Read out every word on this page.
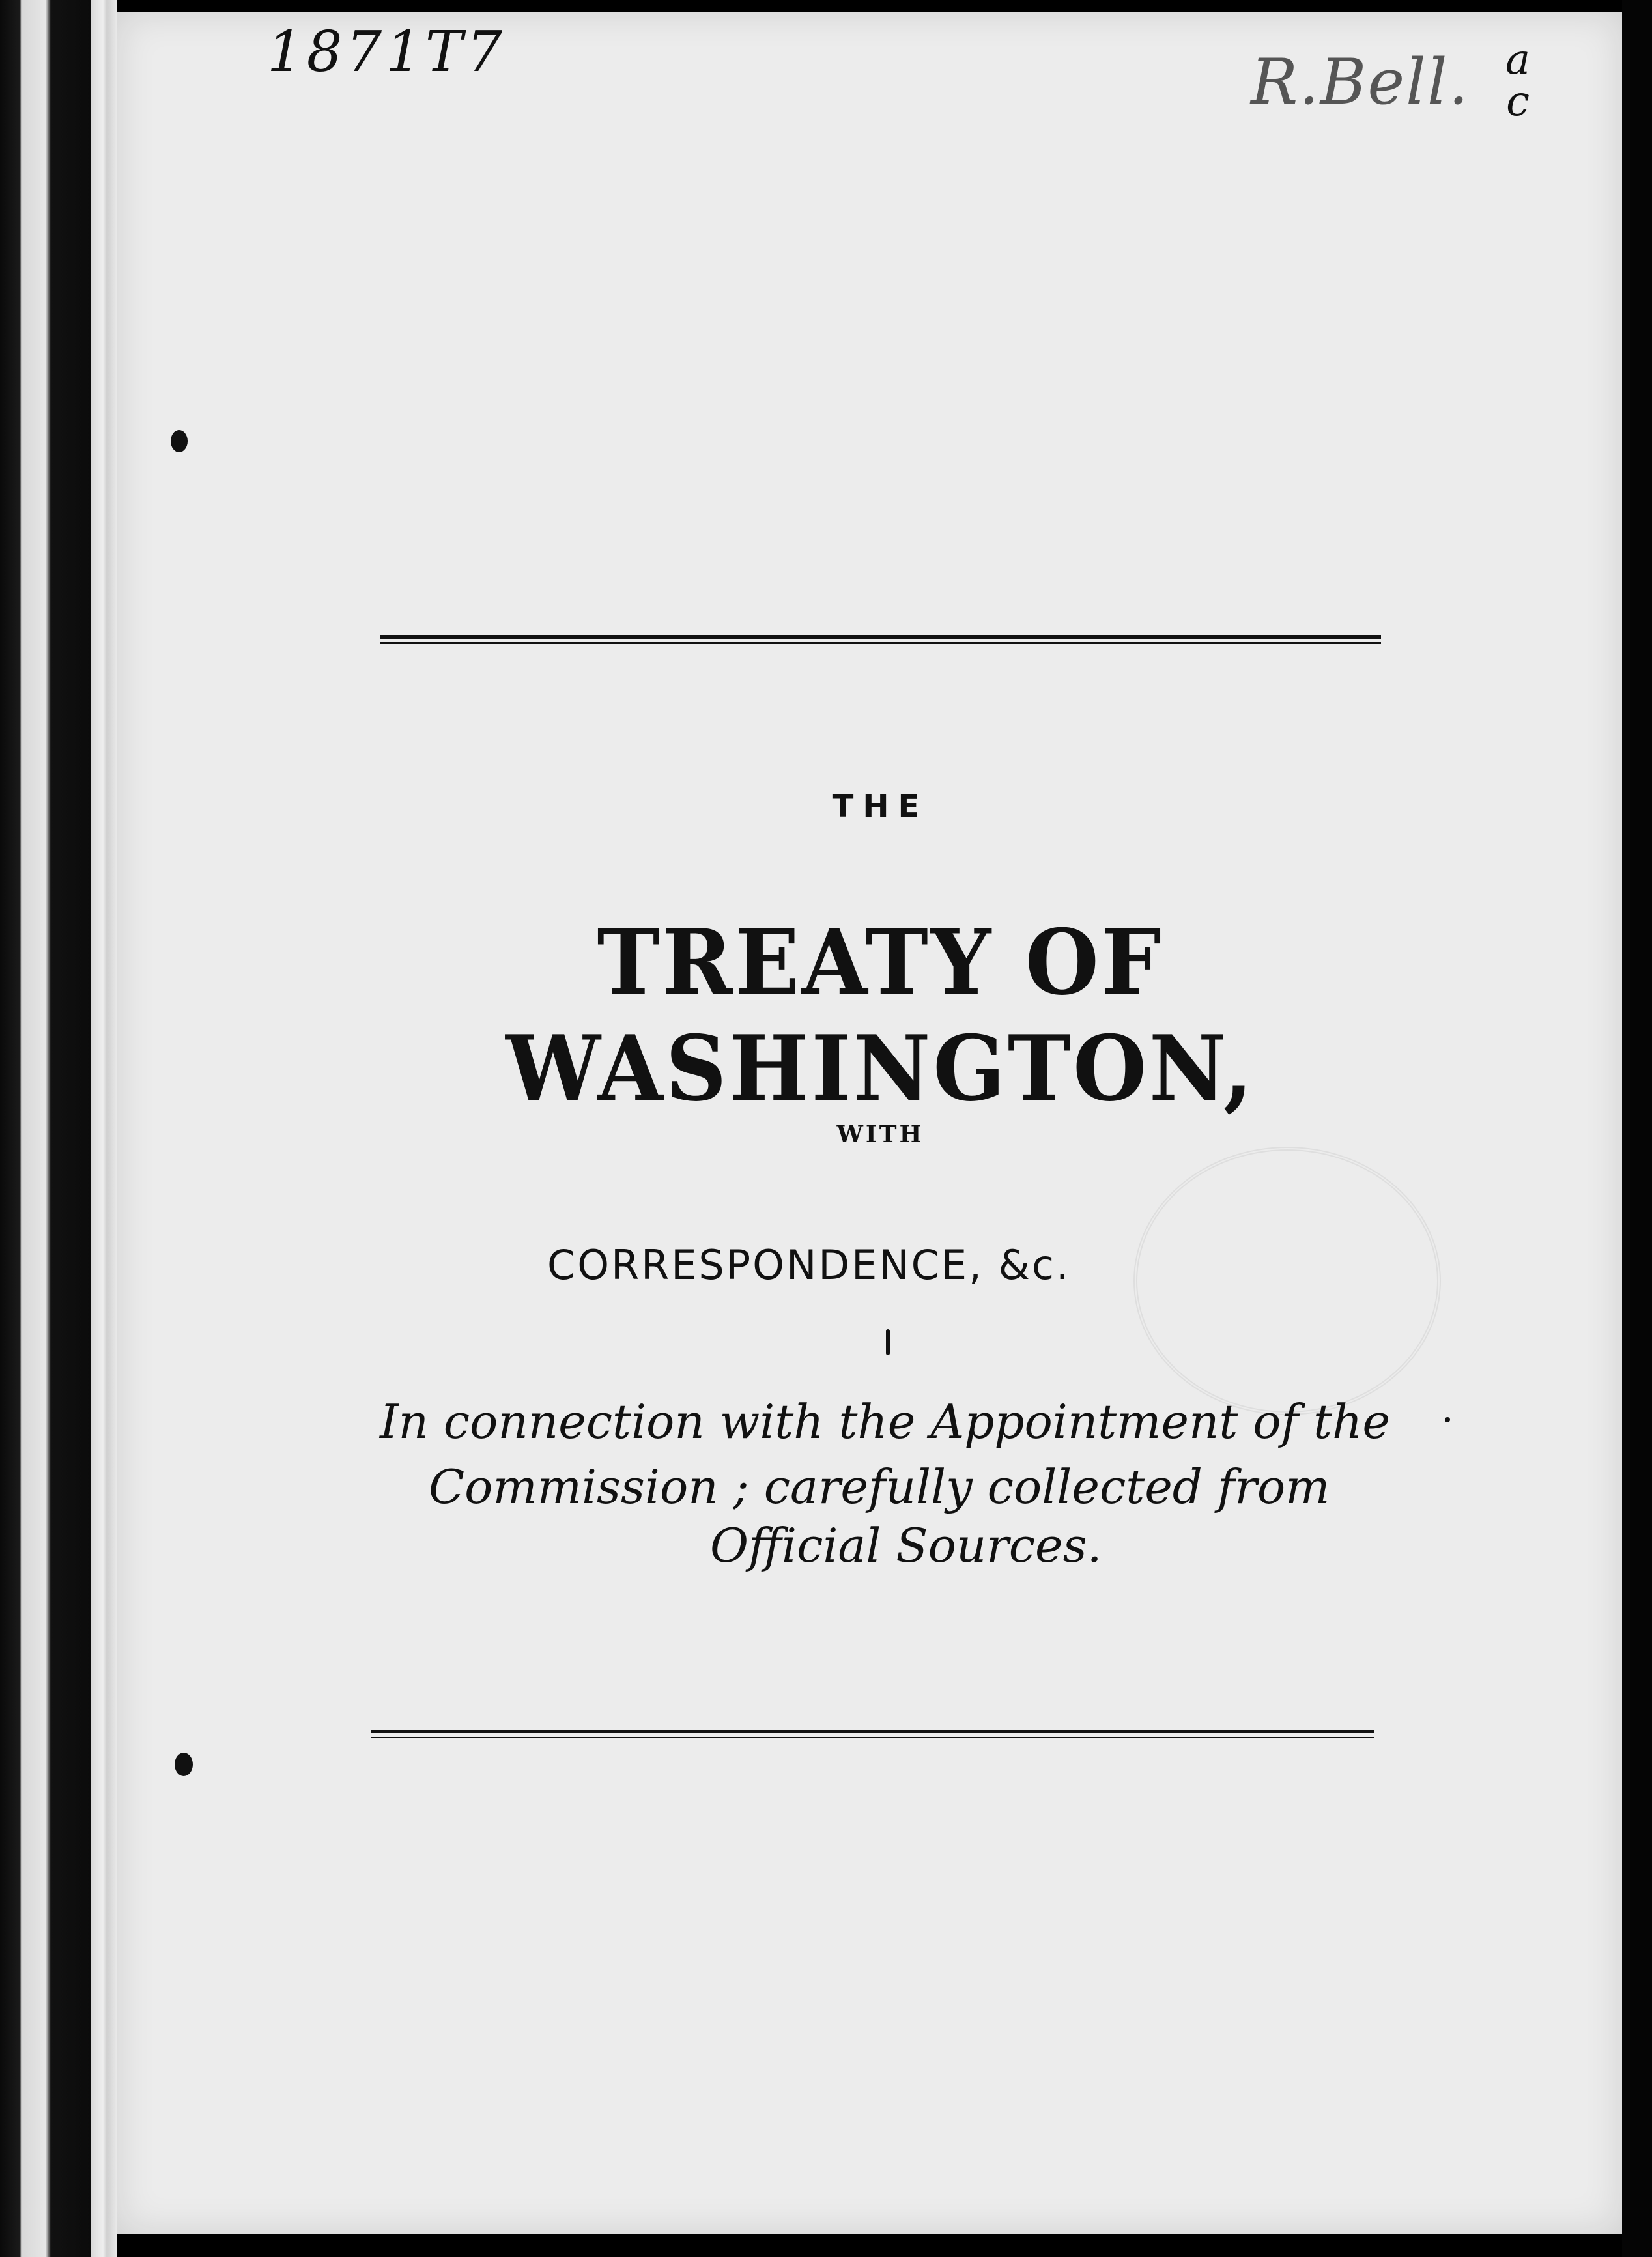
1871T7	R.Bell. a
c
THE
TREATY OF WASHINGTON,
WITH
CORRESPONDENCE, &c.
In connection with the Appointment of the
Commission ; carefully collected from
Official Sources.
